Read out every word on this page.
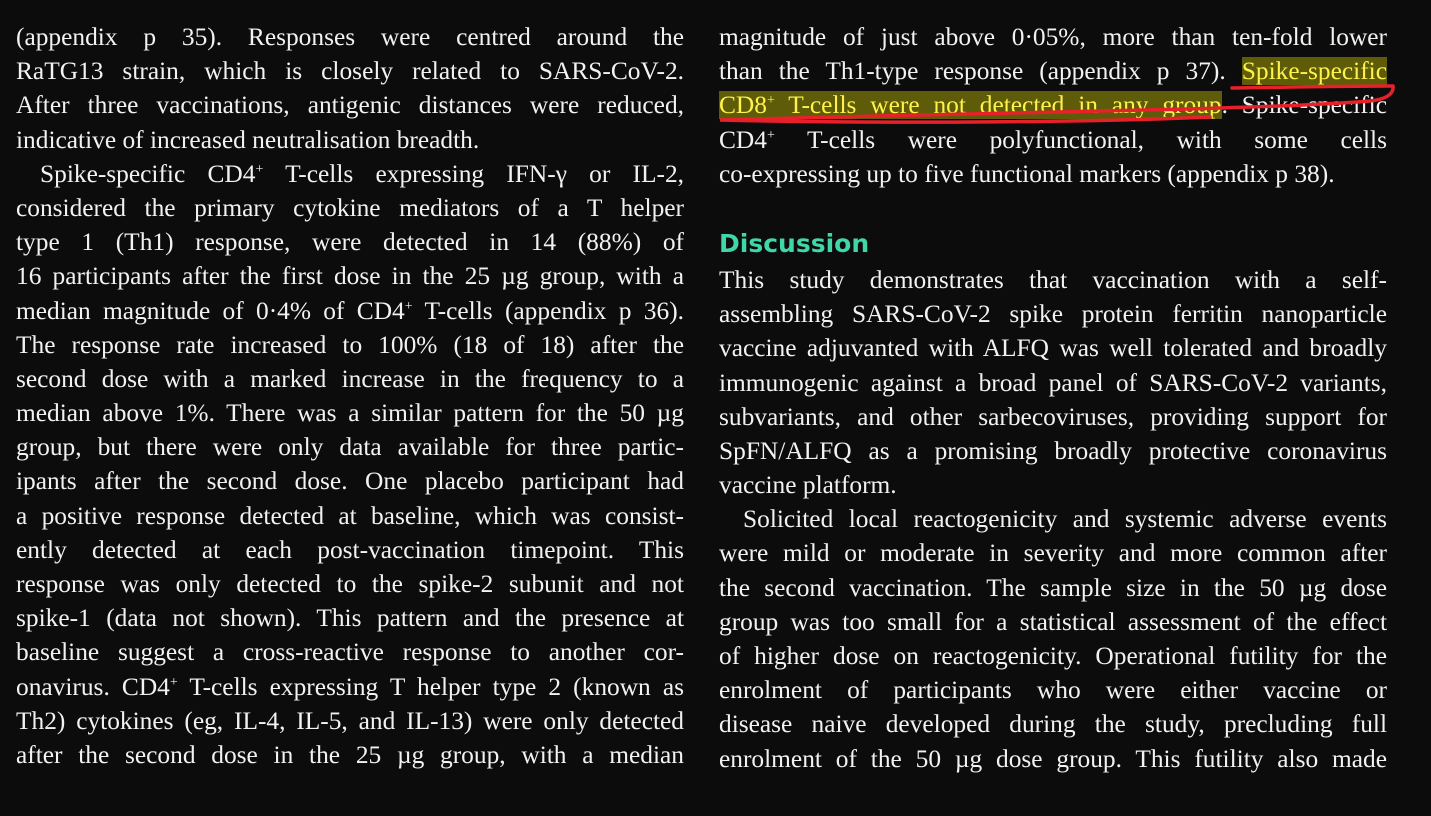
(appendix p 35). Responses were centred around the
RaTG13 strain, which is closely related to SARS-CoV-2.
After three vaccinations, antigenic distances were reduced,
indicative of increased neutralisation breadth.
Spike-specific CD4+ T-cells expressing IFN-γ or IL-2,
considered the primary cytokine mediators of a T helper
type 1 (Th1) response, were detected in 14 (88%) of
16 participants after the first dose in the 25 µg group, with a
median magnitude of 0·4% of CD4+ T-cells (appendix p 36).
The response rate increased to 100% (18 of 18) after the
second dose with a marked increase in the frequency to a
median above 1%. There was a similar pattern for the 50 µg
group, but there were only data available for three partic-
ipants after the second dose. One placebo participant had
a positive response detected at baseline, which was consist-
ently detected at each post-vaccination timepoint. This
response was only detected to the spike-2 subunit and not
spike-1 (data not shown). This pattern and the presence at
baseline suggest a cross-reactive response to another cor-
onavirus. CD4+ T-cells expressing T helper type 2 (known as
Th2) cytokines (eg, IL-4, IL-5, and IL-13) were only detected
after the second dose in the 25 µg group, with a median
magnitude of just above 0·05%, more than ten-fold lower
than the Th1-type response (appendix p 37). Spike-specific
CD8+ T-cells were not detected in any group. Spike-specific
CD4+ T-cells were polyfunctional, with some cells
co-expressing up to five functional markers (appendix p 38).
Discussion
This study demonstrates that vaccination with a self-
assembling SARS-CoV-2 spike protein ferritin nanoparticle
vaccine adjuvanted with ALFQ was well tolerated and broadly
immunogenic against a broad panel of SARS-CoV-2 variants,
subvariants, and other sarbecoviruses, providing support for
SpFN/ALFQ as a promising broadly protective coronavirus
vaccine platform.
Solicited local reactogenicity and systemic adverse events
were mild or moderate in severity and more common after
the second vaccination. The sample size in the 50 µg dose
group was too small for a statistical assessment of the effect
of higher dose on reactogenicity. Operational futility for the
enrolment of participants who were either vaccine or
disease naive developed during the study, precluding full
enrolment of the 50 µg dose group. This futility also made
